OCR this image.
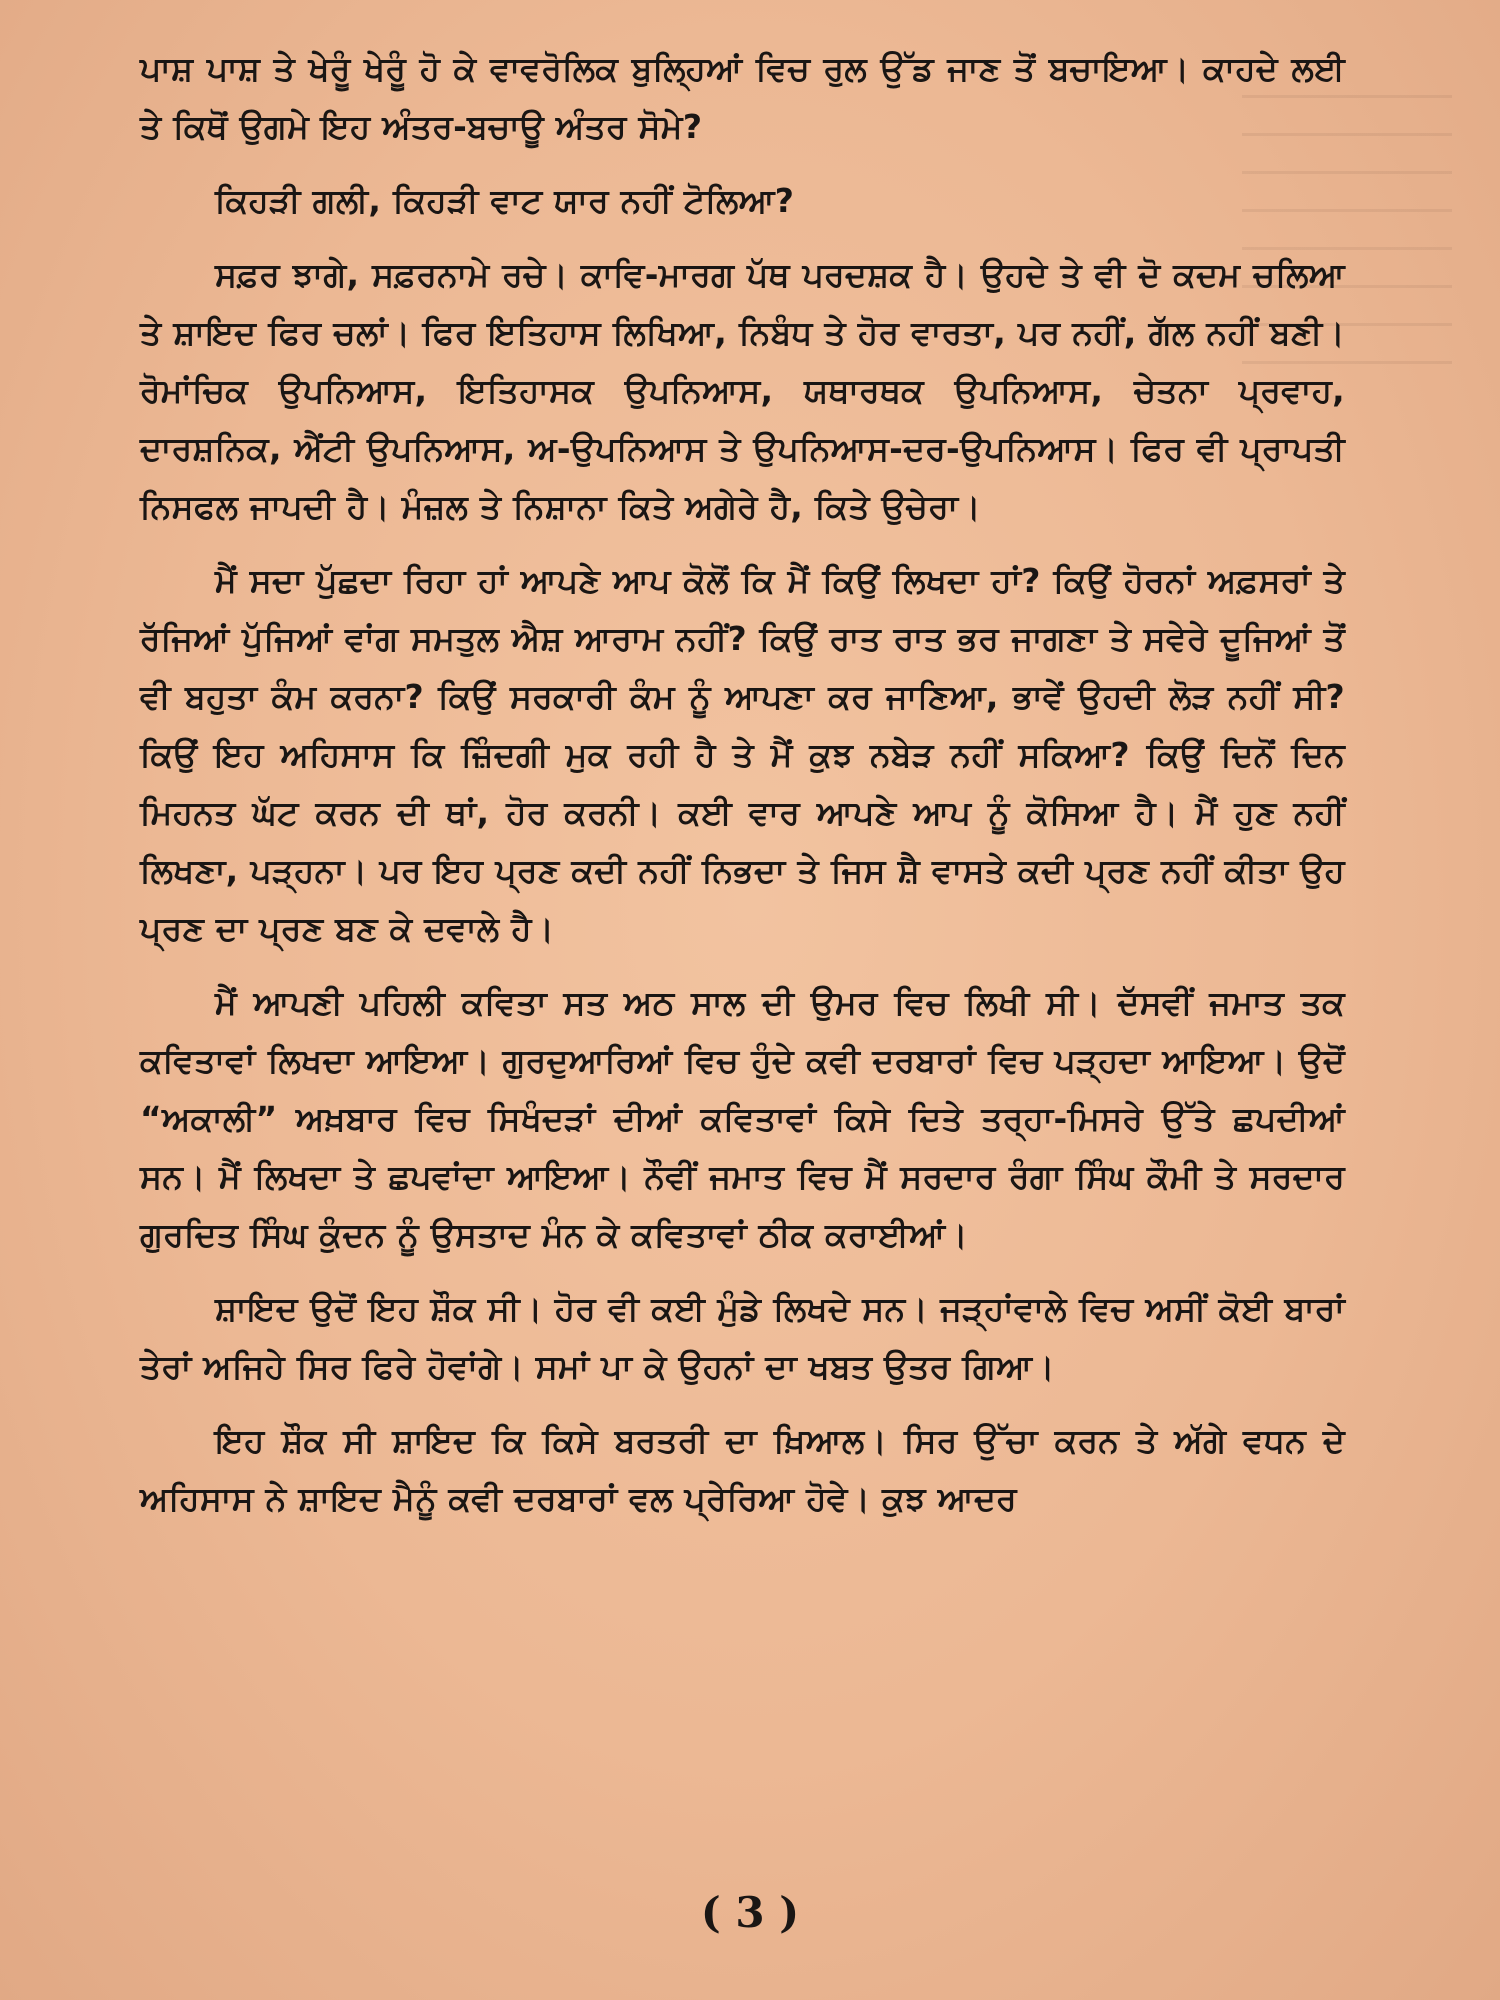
ਪਾਸ਼ ਪਾਸ਼ ਤੇ ਖੇਰੂੰ ਖੇਰੂੰ ਹੋ ਕੇ ਵਾਵਰੋਲਿਕ ਬੁਲ੍ਹਿਆਂ ਵਿਚ ਰੁਲ ਉੱਡ ਜਾਣ ਤੋਂ ਬਚਾਇਆ। ਕਾਹਦੇ ਲਈ ਤੇ ਕਿਥੋਂ ਉਗਮੇ ਇਹ ਅੰਤਰ-ਬਚਾਊ ਅੰਤਰ ਸੋਮੇ?

ਕਿਹੜੀ ਗਲੀ, ਕਿਹੜੀ ਵਾਟ ਯਾਰ ਨਹੀਂ ਟੋਲਿਆ?

ਸਫ਼ਰ ਝਾਗੇ, ਸਫ਼ਰਨਾਮੇ ਰਚੇ। ਕਾਵਿ-ਮਾਰਗ ਪੱਥ ਪਰਦਸ਼ਕ ਹੈ। ਉਹਦੇ ਤੇ ਵੀ ਦੋ ਕਦਮ ਚਲਿਆ ਤੇ ਸ਼ਾਇਦ ਫਿਰ ਚਲਾਂ। ਫਿਰ ਇਤਿਹਾਸ ਲਿਖਿਆ, ਨਿਬੰਧ ਤੇ ਹੋਰ ਵਾਰਤਾ, ਪਰ ਨਹੀਂ, ਗੱਲ ਨਹੀਂ ਬਣੀ। ਰੋਮਾਂਚਿਕ ਉਪਨਿਆਸ, ਇਤਿਹਾਸਕ ਉਪਨਿਆਸ, ਯਥਾਰਥਕ ਉਪਨਿਆਸ, ਚੇਤਨਾ ਪ੍ਰਵਾਹ, ਦਾਰਸ਼ਨਿਕ, ਐਂਟੀ ਉਪਨਿਆਸ, ਅ-ਉਪਨਿਆਸ ਤੇ ਉਪਨਿਆਸ-ਦਰ-ਉਪਨਿਆਸ। ਫਿਰ ਵੀ ਪ੍ਰਾਪਤੀ ਨਿਸਫਲ ਜਾਪਦੀ ਹੈ। ਮੰਜ਼ਲ ਤੇ ਨਿਸ਼ਾਨਾ ਕਿਤੇ ਅਗੇਰੇ ਹੈ, ਕਿਤੇ ਉਚੇਰਾ।

ਮੈਂ ਸਦਾ ਪੁੱਛਦਾ ਰਿਹਾ ਹਾਂ ਆਪਣੇ ਆਪ ਕੋਲੋਂ ਕਿ ਮੈਂ ਕਿਉਂ ਲਿਖਦਾ ਹਾਂ? ਕਿਉਂ ਹੋਰਨਾਂ ਅਫ਼ਸਰਾਂ ਤੇ ਰੱਜਿਆਂ ਪੁੱਜਿਆਂ ਵਾਂਗ ਸਮਤੁਲ ਐਸ਼ ਆਰਾਮ ਨਹੀਂ? ਕਿਉਂ ਰਾਤ ਰਾਤ ਭਰ ਜਾਗਣਾ ਤੇ ਸਵੇਰੇ ਦੂਜਿਆਂ ਤੋਂ ਵੀ ਬਹੁਤਾ ਕੰਮ ਕਰਨਾ? ਕਿਉਂ ਸਰਕਾਰੀ ਕੰਮ ਨੂੰ ਆਪਣਾ ਕਰ ਜਾਣਿਆ, ਭਾਵੇਂ ਉਹਦੀ ਲੋੜ ਨਹੀਂ ਸੀ? ਕਿਉਂ ਇਹ ਅਹਿਸਾਸ ਕਿ ਜ਼ਿੰਦਗੀ ਮੁਕ ਰਹੀ ਹੈ ਤੇ ਮੈਂ ਕੁਝ ਨਬੇੜ ਨਹੀਂ ਸਕਿਆ? ਕਿਉਂ ਦਿਨੋਂ ਦਿਨ ਮਿਹਨਤ ਘੱਟ ਕਰਨ ਦੀ ਥਾਂ, ਹੋਰ ਕਰਨੀ। ਕਈ ਵਾਰ ਆਪਣੇ ਆਪ ਨੂੰ ਕੋਸਿਆ ਹੈ। ਮੈਂ ਹੁਣ ਨਹੀਂ ਲਿਖਣਾ, ਪੜ੍ਹਨਾ। ਪਰ ਇਹ ਪ੍ਰਣ ਕਦੀ ਨਹੀਂ ਨਿਭਦਾ ਤੇ ਜਿਸ ਸ਼ੈ ਵਾਸਤੇ ਕਦੀ ਪ੍ਰਣ ਨਹੀਂ ਕੀਤਾ ਉਹ ਪ੍ਰਣ ਦਾ ਪ੍ਰਣ ਬਣ ਕੇ ਦਵਾਲੇ ਹੈ।

ਮੈਂ ਆਪਣੀ ਪਹਿਲੀ ਕਵਿਤਾ ਸਤ ਅਠ ਸਾਲ ਦੀ ਉਮਰ ਵਿਚ ਲਿਖੀ ਸੀ। ਦੱਸਵੀਂ ਜਮਾਤ ਤਕ ਕਵਿਤਾਵਾਂ ਲਿਖਦਾ ਆਇਆ। ਗੁਰਦੁਆਰਿਆਂ ਵਿਚ ਹੁੰਦੇ ਕਵੀ ਦਰਬਾਰਾਂ ਵਿਚ ਪੜ੍ਹਦਾ ਆਇਆ। ਉਦੋਂ “ਅਕਾਲੀ” ਅਖ਼ਬਾਰ ਵਿਚ ਸਿਖੰਦੜਾਂ ਦੀਆਂ ਕਵਿਤਾਵਾਂ ਕਿਸੇ ਦਿਤੇ ਤਰ੍ਹਾ-ਮਿਸਰੇ ਉੱਤੇ ਛਪਦੀਆਂ ਸਨ। ਮੈਂ ਲਿਖਦਾ ਤੇ ਛਪਵਾਂਦਾ ਆਇਆ। ਨੌਵੀਂ ਜਮਾਤ ਵਿਚ ਮੈਂ ਸਰਦਾਰ ਰੰਗਾ ਸਿੰਘ ਕੌਮੀ ਤੇ ਸਰਦਾਰ ਗੁਰਦਿਤ ਸਿੰਘ ਕੁੰਦਨ ਨੂੰ ਉਸਤਾਦ ਮੰਨ ਕੇ ਕਵਿਤਾਵਾਂ ਠੀਕ ਕਰਾਈਆਂ।

ਸ਼ਾਇਦ ਉਦੋਂ ਇਹ ਸ਼ੌਕ ਸੀ। ਹੋਰ ਵੀ ਕਈ ਮੁੰਡੇ ਲਿਖਦੇ ਸਨ। ਜੜ੍ਹਾਂਵਾਲੇ ਵਿਚ ਅਸੀਂ ਕੋਈ ਬਾਰਾਂ ਤੇਰਾਂ ਅਜਿਹੇ ਸਿਰ ਫਿਰੇ ਹੋਵਾਂਗੇ। ਸਮਾਂ ਪਾ ਕੇ ਉਹਨਾਂ ਦਾ ਖਬਤ ਉਤਰ ਗਿਆ।

ਇਹ ਸ਼ੌਕ ਸੀ ਸ਼ਾਇਦ ਕਿ ਕਿਸੇ ਬਰਤਰੀ ਦਾ ਖ਼ਿਆਲ। ਸਿਰ ਉੱਚਾ ਕਰਨ ਤੇ ਅੱਗੇ ਵਧਨ ਦੇ ਅਹਿਸਾਸ ਨੇ ਸ਼ਾਇਦ ਮੈਨੂੰ ਕਵੀ ਦਰਬਾਰਾਂ ਵਲ ਪ੍ਰੇਰਿਆ ਹੋਵੇ। ਕੁਝ ਆਦਰ

( 3 )
